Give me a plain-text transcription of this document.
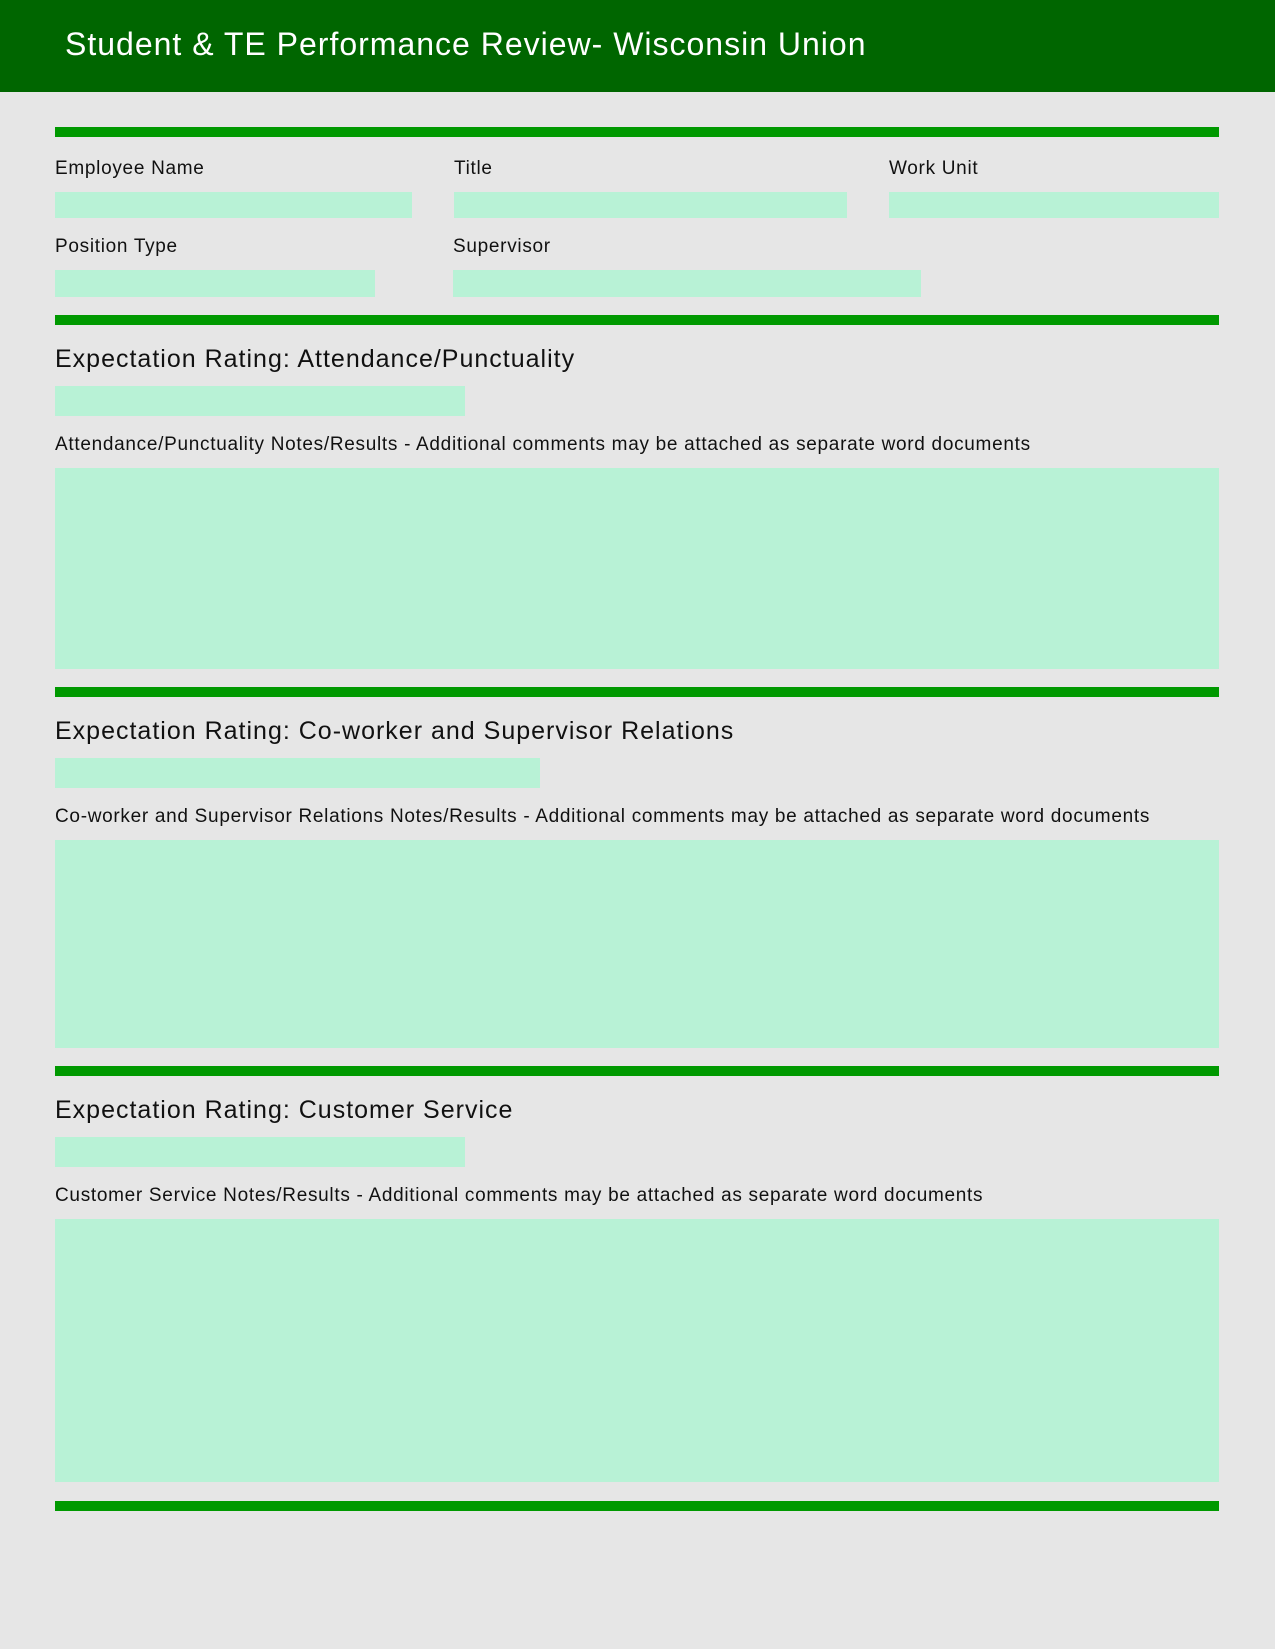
Student & TE Performance Review- Wisconsin Union
Employee Name	Title	Work Unit
Position Type	Supervisor
Expectation Rating: Attendance/Punctuality
Attendance/Punctuality Notes/Results - Additional comments may be attached as separate word documents
Expectation Rating: Co-worker and Supervisor Relations
Co-worker and Supervisor Relations Notes/Results - Additional comments may be attached as separate word documents
Expectation Rating: Customer Service
Customer Service Notes/Results - Additional comments may be attached as separate word documents
